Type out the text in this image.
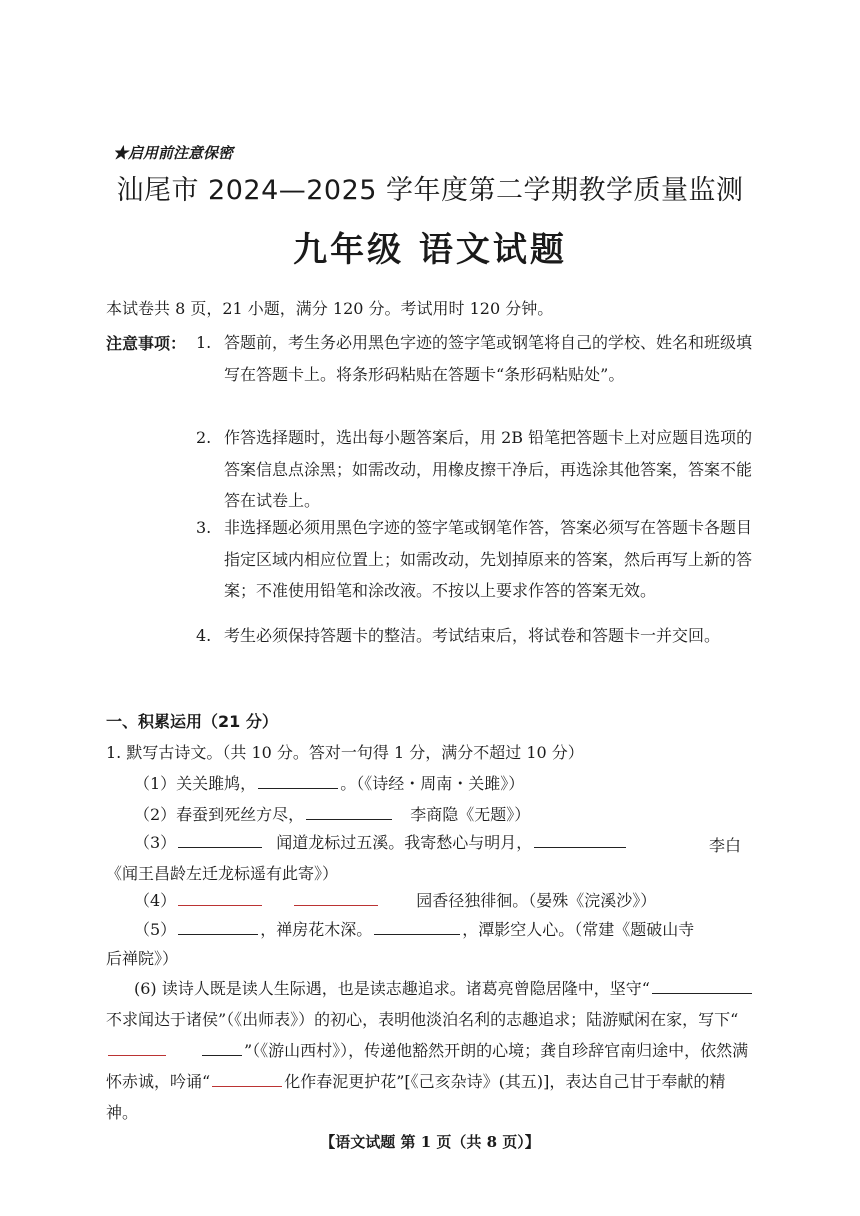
★启用前注意保密
汕尾市 2024—2025 学年度第二学期教学质量监测
九年级 语文试题
本试卷共 8 页，21 小题，满分 120 分。考试用时 120 分钟。
注意事项： 1. 答题前，考生务必用黑色字迹的签字笔或钢笔将自己的学校、姓名和班级填写在答题卡上。将条形码粘贴在答题卡“条形码粘贴处”。
2. 作答选择题时，选出每小题答案后，用 2B 铅笔把答题卡上对应题目选项的答案信息点涂黑；如需改动，用橡皮擦干净后，再选涂其他答案，答案不能答在试卷上。
3. 非选择题必须用黑色字迹的签字笔或钢笔作答，答案必须写在答题卡各题目指定区域内相应位置上；如需改动，先划掉原来的答案，然后再写上新的答案；不准使用铅笔和涂改液。不按以上要求作答的答案无效。
4. 考生必须保持答题卡的整洁。考试结束后，将试卷和答题卡一并交回。
一、积累运用（21 分）
1. 默写古诗文。（共 10 分。答对一句得 1 分，满分不超过 10 分）
（1）关关雎鸠，	。（《诗经・周南・关雎》）
（2）春蚕到死丝方尽，	李商隐《无题》）
（3）	闻道龙标过五溪。我寄愁心与明月，	李白
《闻王昌龄左迁龙标遥有此寄》）
（4）	园香径独徘徊。（晏殊《浣溪沙》）
（5）	，禅房花木深。	，潭影空人心。（常建《题破山寺
后禅院》）
(6) 读诗人既是读人生际遇，也是读志趣追求。诸葛亮曾隐居隆中，坚守“不求闻达于诸侯”（《出师表》）的初心，表明他淡泊名利的志趣追求；陆游赋闲在家，写下“”（《游山西村》），传递他豁然开朗的心境；龚自珍辞官南归途中，依然满怀赤诚，吟诵“	化作春泥更护花”[《己亥杂诗》(其五)]，表达自己甘于奉献的精神。
【语文试题 第 1 页（共 8 页）】
